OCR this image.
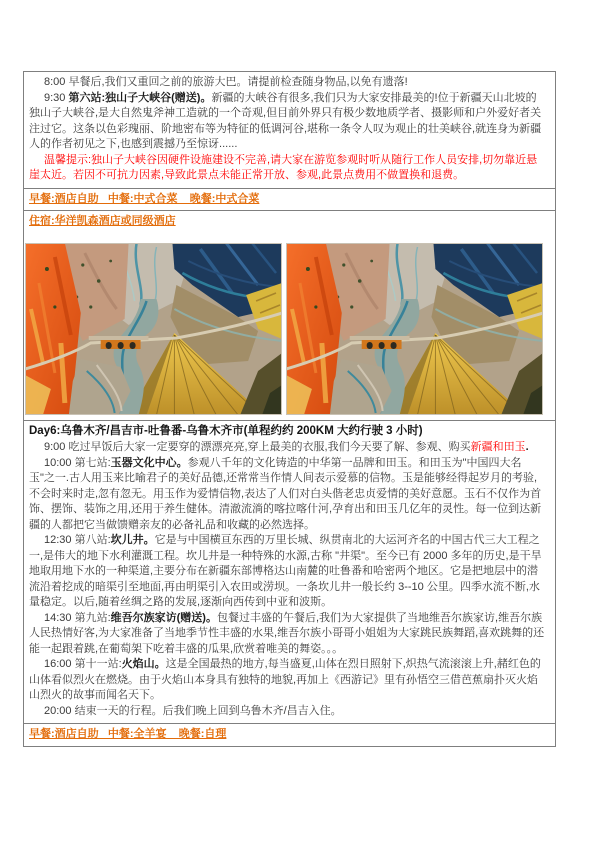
8:00 早餐后,我们又重回之前的旅游大巴。请提前检查随身物品,以免有遗落!

9:30 第六站:独山子大峡谷(赠送)。新疆的大峡谷有很多,我们只为大家安排最美的!位于新疆天山北坡的独山子大峡谷,是大自然鬼斧神工造就的一个奇观,但目前外界只有极少数地质学者、摄影师和户外爱好者关注过它。这条以色彩瑰丽、阶地密布等为特征的低调河谷,堪称一条令人叹为观止的壮美峡谷,就连身为新疆人的作者初见之下,也感到震撼乃至惊讶......

温馨提示:独山子大峡谷因硬件设施建设不完善,请大家在游览参观时听从随行工作人员安排,切勿靠近悬崖太近。若因不可抗力因素,导致此景点未能正常开放、参观,此景点费用不做置换和退费。

早餐:酒店自助   中餐:中式合菜    晚餐:中式合菜
住宿:华洋凯森酒店或同级酒店

Day6:乌鲁木齐/昌吉市-吐鲁番-乌鲁木齐市(单程约约 200KM 大约行驶 3 小时)

9:00 吃过早饭后大家一定要穿的漂漂亮亮,穿上最美的衣服,我们今天要了解、参观、购买新疆和田玉.

10:00 第七站:玉器文化中心。参观八千年的文化铸造的中华第一品牌和田玉。和田玉为"中国四大名玉"之一.古人用玉来比喻君子的美好品德,还常常当作情人间表示爱慕的信物。玉是能够经得起岁月的考验,不会时来时走,忽有忽无。用玉作为爱情信物,表达了人们对白头偕老忠贞爱情的美好意愿。玉石不仅作为首饰、摆饰、装饰之用,还用于养生健体。清澈流淌的喀拉喀什河,孕育出和田玉几亿年的灵性。每一位到达新疆的人都把它当做馈赠亲友的必备礼品和收藏的必然选择。

12:30 第八站:坎儿井。它是与中国横亘东西的万里长城、纵贯南北的大运河齐名的中国古代三大工程之一,是伟大的地下水利灌溉工程。坎儿井是一种特殊的水源,古称 "井渠"。至今已有 2000 多年的历史,是干旱地取用地下水的一种渠道,主要分布在新疆东部博格达山南麓的吐鲁番和哈密两个地区。它是把地层中的潜流沿着挖成的暗渠引至地面,再由明渠引入农田或涝坝。一条坎儿井一般长约 3--10 公里。四季水流不断,水量稳定。以后,随着丝绸之路的发展,逐渐向西传到中亚和波斯。

14:30 第九站:维吾尔族家访(赠送)。包餐过丰盛的午餐后,我们为大家提供了当地维吾尔族家访,维吾尔族人民热情好客,为大家准备了当地季节性丰盛的水果,维吾尔族小哥哥小姐姐为大家跳民族舞蹈,喜欢跳舞的还能一起跟着跳,在葡萄架下吃着丰盛的瓜果,欣赏着唯美的舞姿。。。

16:00 第十一站:火焰山。这是全国最热的地方,每当盛夏,山体在烈日照射下,炽热气流滚滚上升,赭红色的山体看似烈火在燃烧。由于火焰山本身具有独特的地貌,再加上《西游记》里有孙悟空三借芭蕉扇扑灭火焰山烈火的故事而闻名天下。

20:00 结束一天的行程。后我们晚上回到乌鲁木齐/昌吉入住。

早餐:酒店自助   中餐:全羊宴    晚餐:自理
